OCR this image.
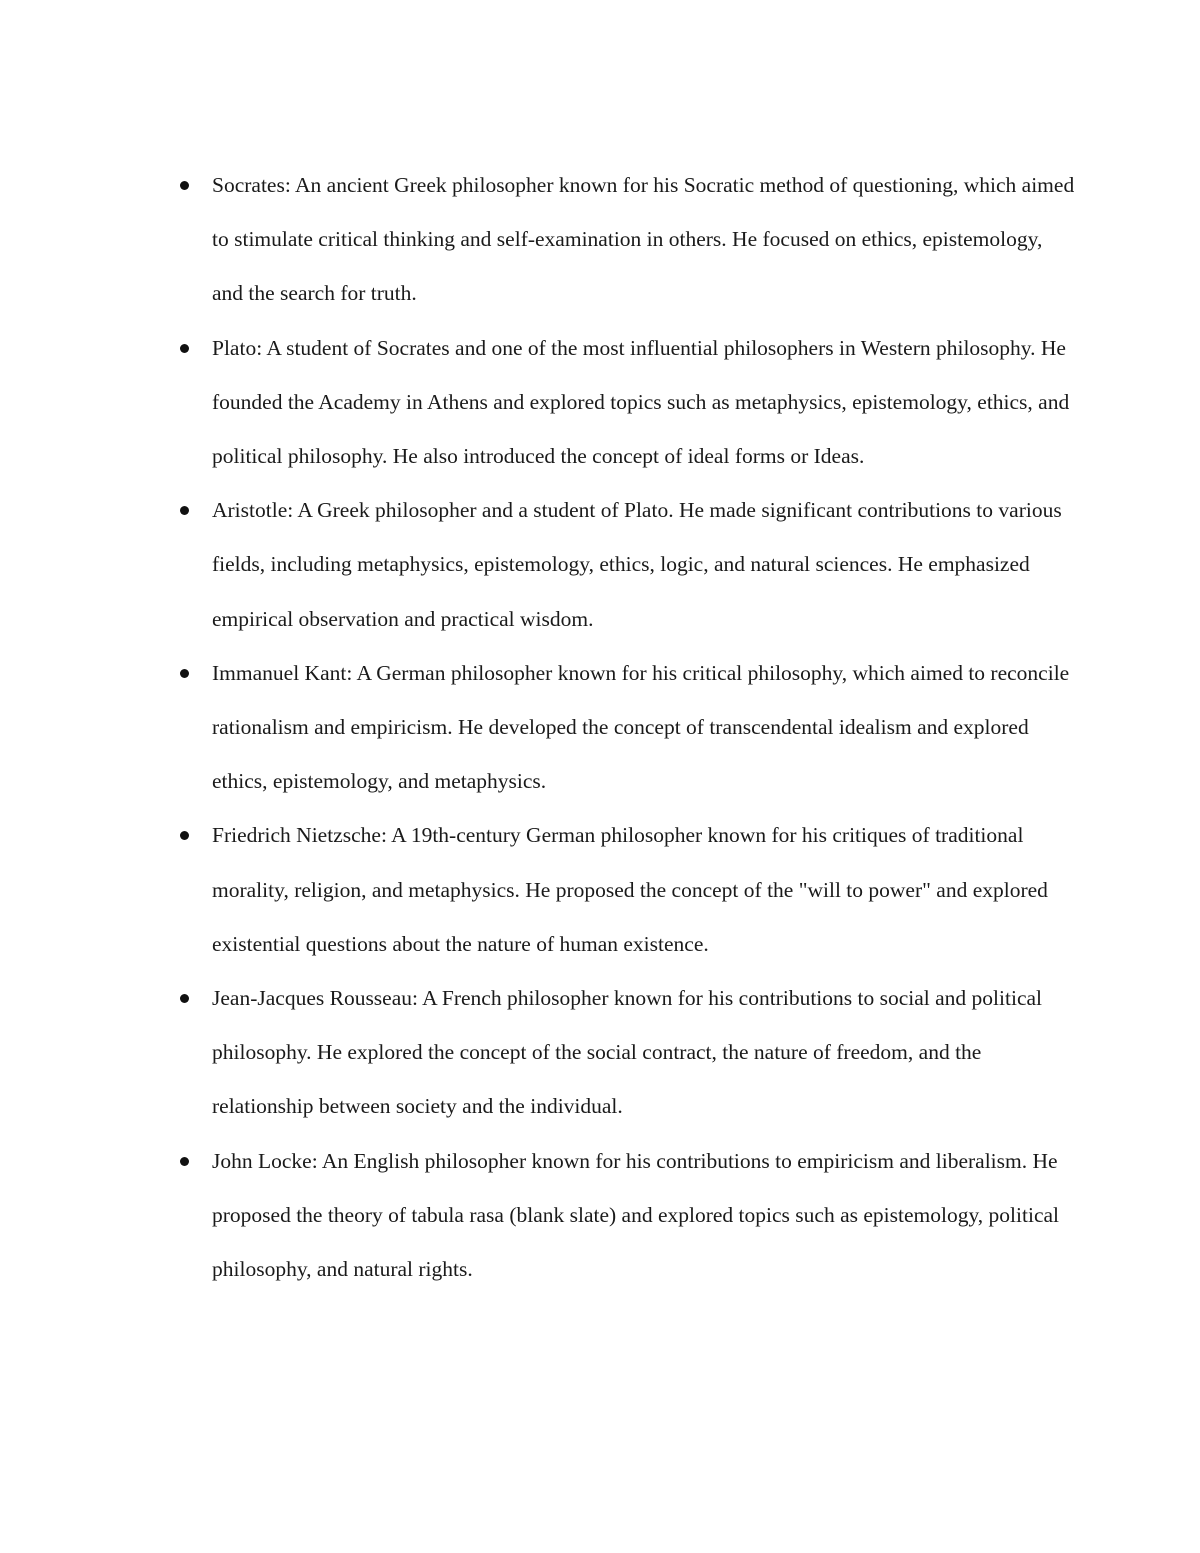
Socrates: An ancient Greek philosopher known for his Socratic method of questioning, which aimed to stimulate critical thinking and self-examination in others. He focused on ethics, epistemology, and the search for truth.
Plato: A student of Socrates and one of the most influential philosophers in Western philosophy. He founded the Academy in Athens and explored topics such as metaphysics, epistemology, ethics, and political philosophy. He also introduced the concept of ideal forms or Ideas.
Aristotle: A Greek philosopher and a student of Plato. He made significant contributions to various fields, including metaphysics, epistemology, ethics, logic, and natural sciences. He emphasized empirical observation and practical wisdom.
Immanuel Kant: A German philosopher known for his critical philosophy, which aimed to reconcile rationalism and empiricism. He developed the concept of transcendental idealism and explored ethics, epistemology, and metaphysics.
Friedrich Nietzsche: A 19th-century German philosopher known for his critiques of traditional morality, religion, and metaphysics. He proposed the concept of the "will to power" and explored existential questions about the nature of human existence.
Jean-Jacques Rousseau: A French philosopher known for his contributions to social and political philosophy. He explored the concept of the social contract, the nature of freedom, and the relationship between society and the individual.
John Locke: An English philosopher known for his contributions to empiricism and liberalism. He proposed the theory of tabula rasa (blank slate) and explored topics such as epistemology, political philosophy, and natural rights.
